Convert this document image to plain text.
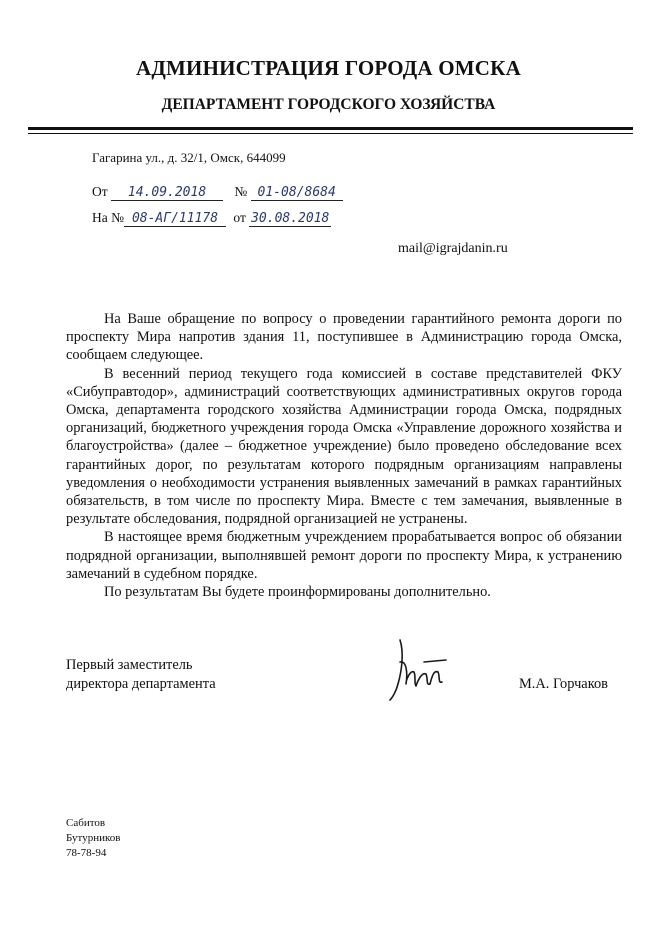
АДМИНИСТРАЦИЯ ГОРОДА ОМСКА
ДЕПАРТАМЕНТ ГОРОДСКОГО ХОЗЯЙСТВА
Гагарина ул., д. 32/1, Омск, 644099
От 14.09.2018 № 01-08/8684
На № 08-АГ/11178 от 30.08.2018
mail@igrajdanin.ru

На Ваше обращение по вопросу о проведении гарантийного ремонта дороги по проспекту Мира напротив здания 11, поступившее в Администрацию города Омска, сообщаем следующее.

В весенний период текущего года комиссией в составе представителей ФКУ «Сибуправтодор», администраций соответствующих административных округов города Омска, департамента городского хозяйства Администрации города Омска, подрядных организаций, бюджетного учреждения города Омска «Управление дорожного хозяйства и благоустройства» (далее – бюджетное учреждение) было проведено обследование всех гарантийных дорог, по результатам которого подрядным организациям направлены уведомления о необходимости устранения выявленных замечаний в рамках гарантийных обязательств, в том числе по проспекту Мира. Вместе с тем замечания, выявленные в результате обследования, подрядной организацией не устранены.

В настоящее время бюджетным учреждением прорабатывается вопрос об обязании подрядной организации, выполнявшей ремонт дороги по проспекту Мира, к устранению замечаний в судебном порядке.

По результатам Вы будете проинформированы дополнительно.

Первый заместитель
директора департамента	М.А. Горчаков
Сабитов
Бутурников
78-78-94
